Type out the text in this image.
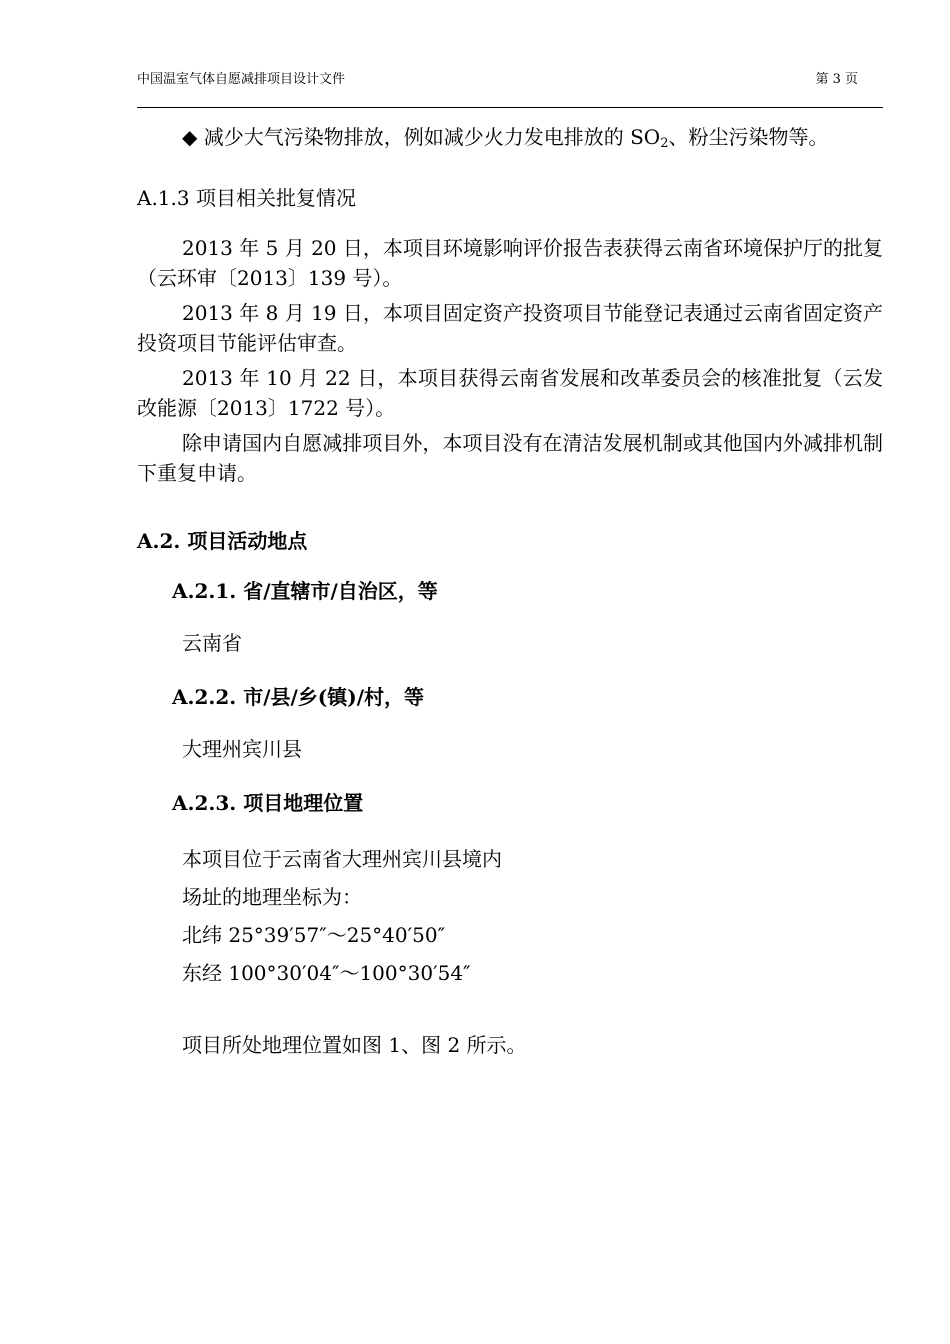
中国温室气体自愿减排项目设计文件	第 3 页

◆ 减少大气污染物排放，例如减少火力发电排放的 $SO_2$、粉尘污染物等。

A.1.3 项目相关批复情况

2013 年 5 月 20 日，本项目环境影响评价报告表获得云南省环境保护厅的批复（云环审〔2013〕139 号）。

2013 年 8 月 19 日，本项目固定资产投资项目节能登记表通过云南省固定资产投资项目节能评估审查。

2013 年 10 月 22 日，本项目获得云南省发展和改革委员会的核准批复（云发改能源〔2013〕1722 号）。

除申请国内自愿减排项目外，本项目没有在清洁发展机制或其他国内外减排机制下重复申请。

A.2. 项目活动地点

A.2.1. 省/直辖市/自治区，等

云南省

A.2.2. 市/县/乡(镇)/村，等

大理州宾川县

A.2.3. 项目地理位置

本项目位于云南省大理州宾川县境内

场址的地理坐标为：

北纬 25°39′57″～25°40′50″

东经 100°30′04″～100°30′54″

项目所处地理位置如图 1、图 2 所示。
